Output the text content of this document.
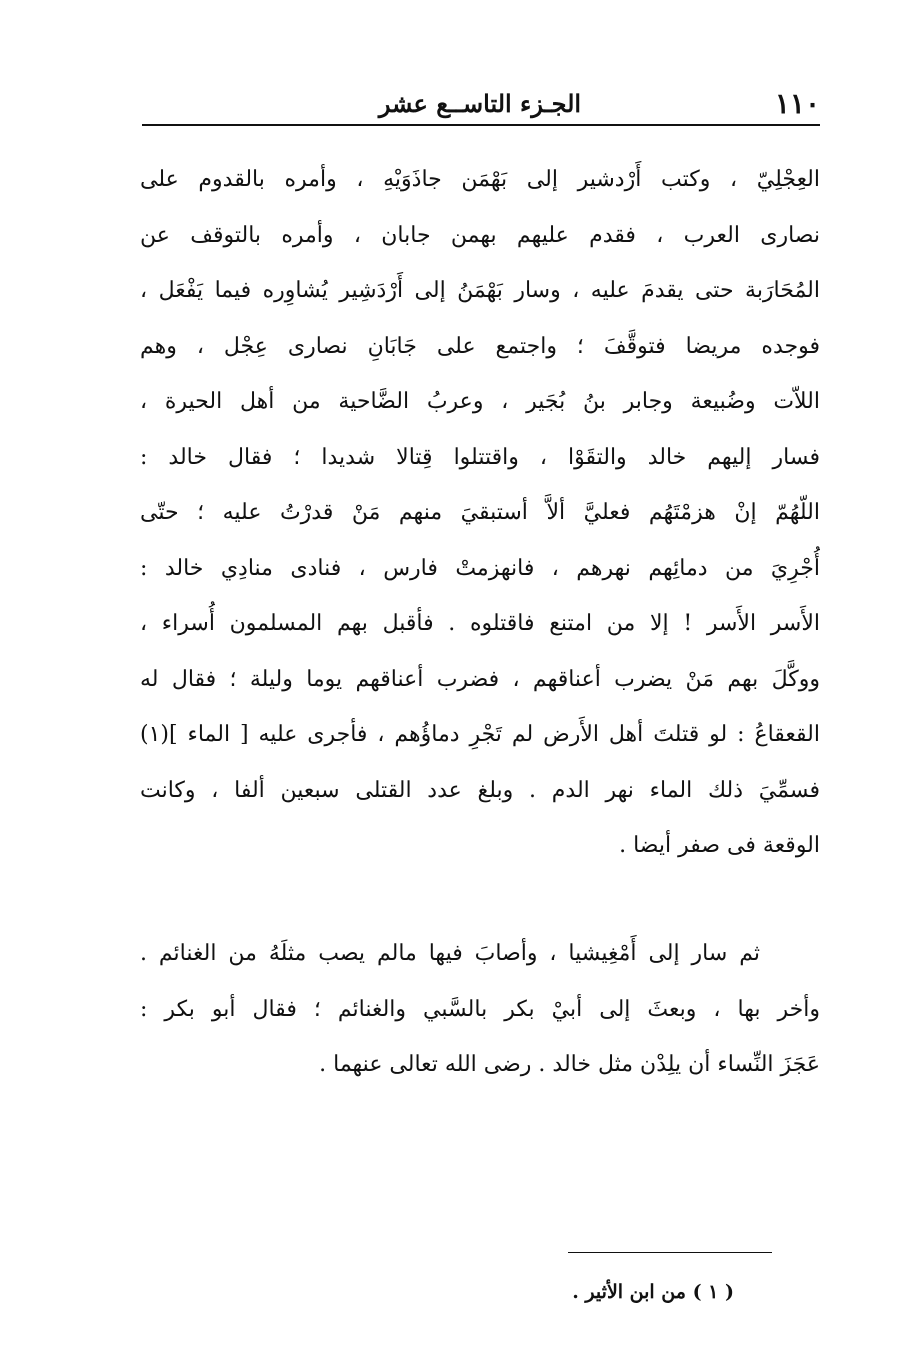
الجـزء التاســع عشر	١١٠
العِجْلِيّ ، وكتب أَرْدشير إلى بَهْمَن جاذَوَيْهِ ، وأمره بالقدوم على
نصارى العرب ، فقدم عليهم بهمن جابان ، وأمره بالتوقف عن
المُحَارَبة حتى يقدمَ عليه ، وسار بَهْمَنُ إلى أَرْدَشِير يُشاوِره فيما يَفْعَل ،
فوجده مريضا فتوقَّفَ ؛ واجتمع على جَابَانِ نصارى عِجْل ، وهم
اللاّت وضُبيعة وجابر بنُ بُجَير ، وعربُ الضَّاحية من أهل الحيرة ،
فسار إليهم خالد والتقَوْا ، واقتتلوا قِتالا شديدا ؛ فقال خالد :
اللّهُمّ إنْ هزمْتَهُم فعليَّ ألاَّ أستبقيَ منهم مَنْ قدرْتُ عليه ؛ حتّى
أُجْرِيَ من دمائِهم نهرهم ، فانهزمتْ فارس ، فنادى منادِي خالد :
الأَسر الأَسر ! إلا من امتنع فاقتلوه . فأقبل بهم المسلمون أُسراء ،
ووكَّلَ بهم مَنْ يضرب أعناقهم ، فضرب أعناقهم يوما وليلة ؛ فقال له
القعقاعُ : لو قتلتَ أهل الأَرض لم تَجْرِ دماؤُهم ، فأجرى عليه [ الماء ](١)
فسمِّيَ ذلك الماء نهر الدم . وبلغ عدد القتلى سبعين ألفا ، وكانت
الوقعة فى صفر أيضا .
ثم سار إلى أَمْغِيشيا ، وأصابَ فيها مالم يصب مثلَهُ من الغنائم .
وأخر بها ، وبعثَ إلى أبيْ بكر بالسَّبي والغنائم ؛ فقال أبو بكر :
عَجَزَ النِّساء أن يلِدْن مثل خالد . رضى الله تعالى عنهما .
( ١ ) من ابن الأثير .
